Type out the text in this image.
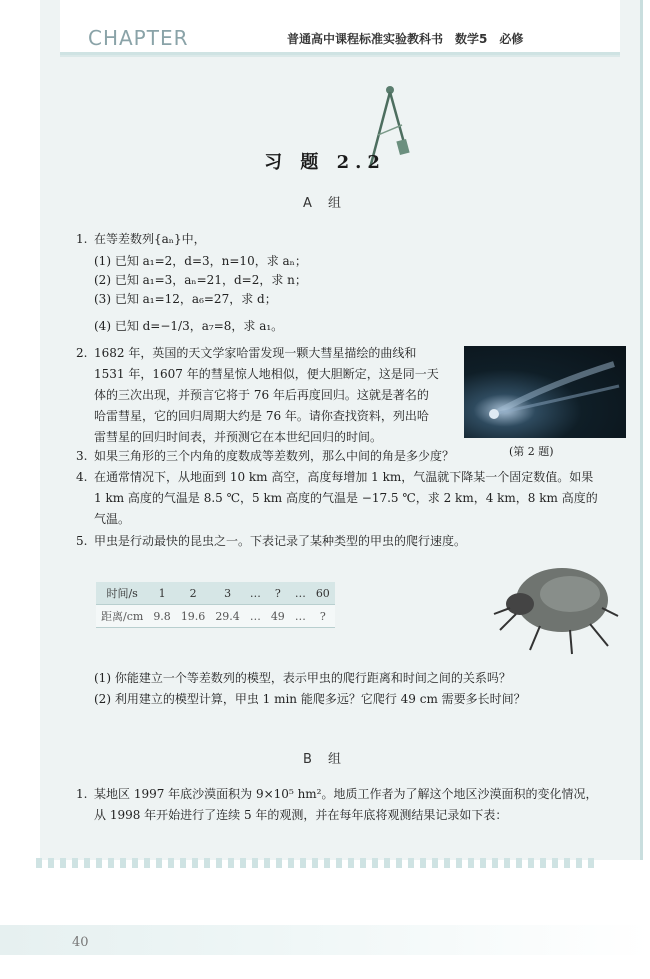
CHAPTER	普通高中课程标准实验教科书　数学5　必修
习 题 2.2
A 组
1. 在等差数列{aₙ}中，
(1) 已知 a₁=2，d=3，n=10，求 aₙ；
(2) 已知 a₁=3，aₙ=21，d=2，求 n；
(3) 已知 a₁=12，a₆=27，求 d；
(4) 已知 d=−1/3，a₇=8，求 a₁。
2. 1682 年，英国的天文学家哈雷发现一颗大彗星描绘的曲线和
1531 年，1607 年的彗星惊人地相似，便大胆断定，这是同一天
体的三次出现，并预言它将于 76 年后再度回归。这就是著名的
哈雷彗星，它的回归周期大约是 76 年。请你查找资料，列出哈
雷彗星的回归时间表，并预测它在本世纪回归的时间。
(第 2 题)
3. 如果三角形的三个内角的度数成等差数列，那么中间的角是多少度？
4. 在通常情况下，从地面到 10 km 高空，高度每增加 1 km，气温就下降某一个固定数值。如果
1 km 高度的气温是 8.5 ℃，5 km 高度的气温是 −17.5 ℃，求 2 km，4 km，8 km 高度的
气温。
5. 甲虫是行动最快的昆虫之一。下表记录了某种类型的甲虫的爬行速度。
时间/s	1	2	3	…	?	…	60
距离/cm	9.8	19.6	29.4	…	49	…	?
(1) 你能建立一个等差数列的模型，表示甲虫的爬行距离和时间之间的关系吗？
(2) 利用建立的模型计算，甲虫 1 min 能爬多远？它爬行 49 cm 需要多长时间？
B 组
1. 某地区 1997 年底沙漠面积为 9×10⁵ hm²。地质工作者为了解这个地区沙漠面积的变化情况，
从 1998 年开始进行了连续 5 年的观测，并在每年底将观测结果记录如下表：
40
